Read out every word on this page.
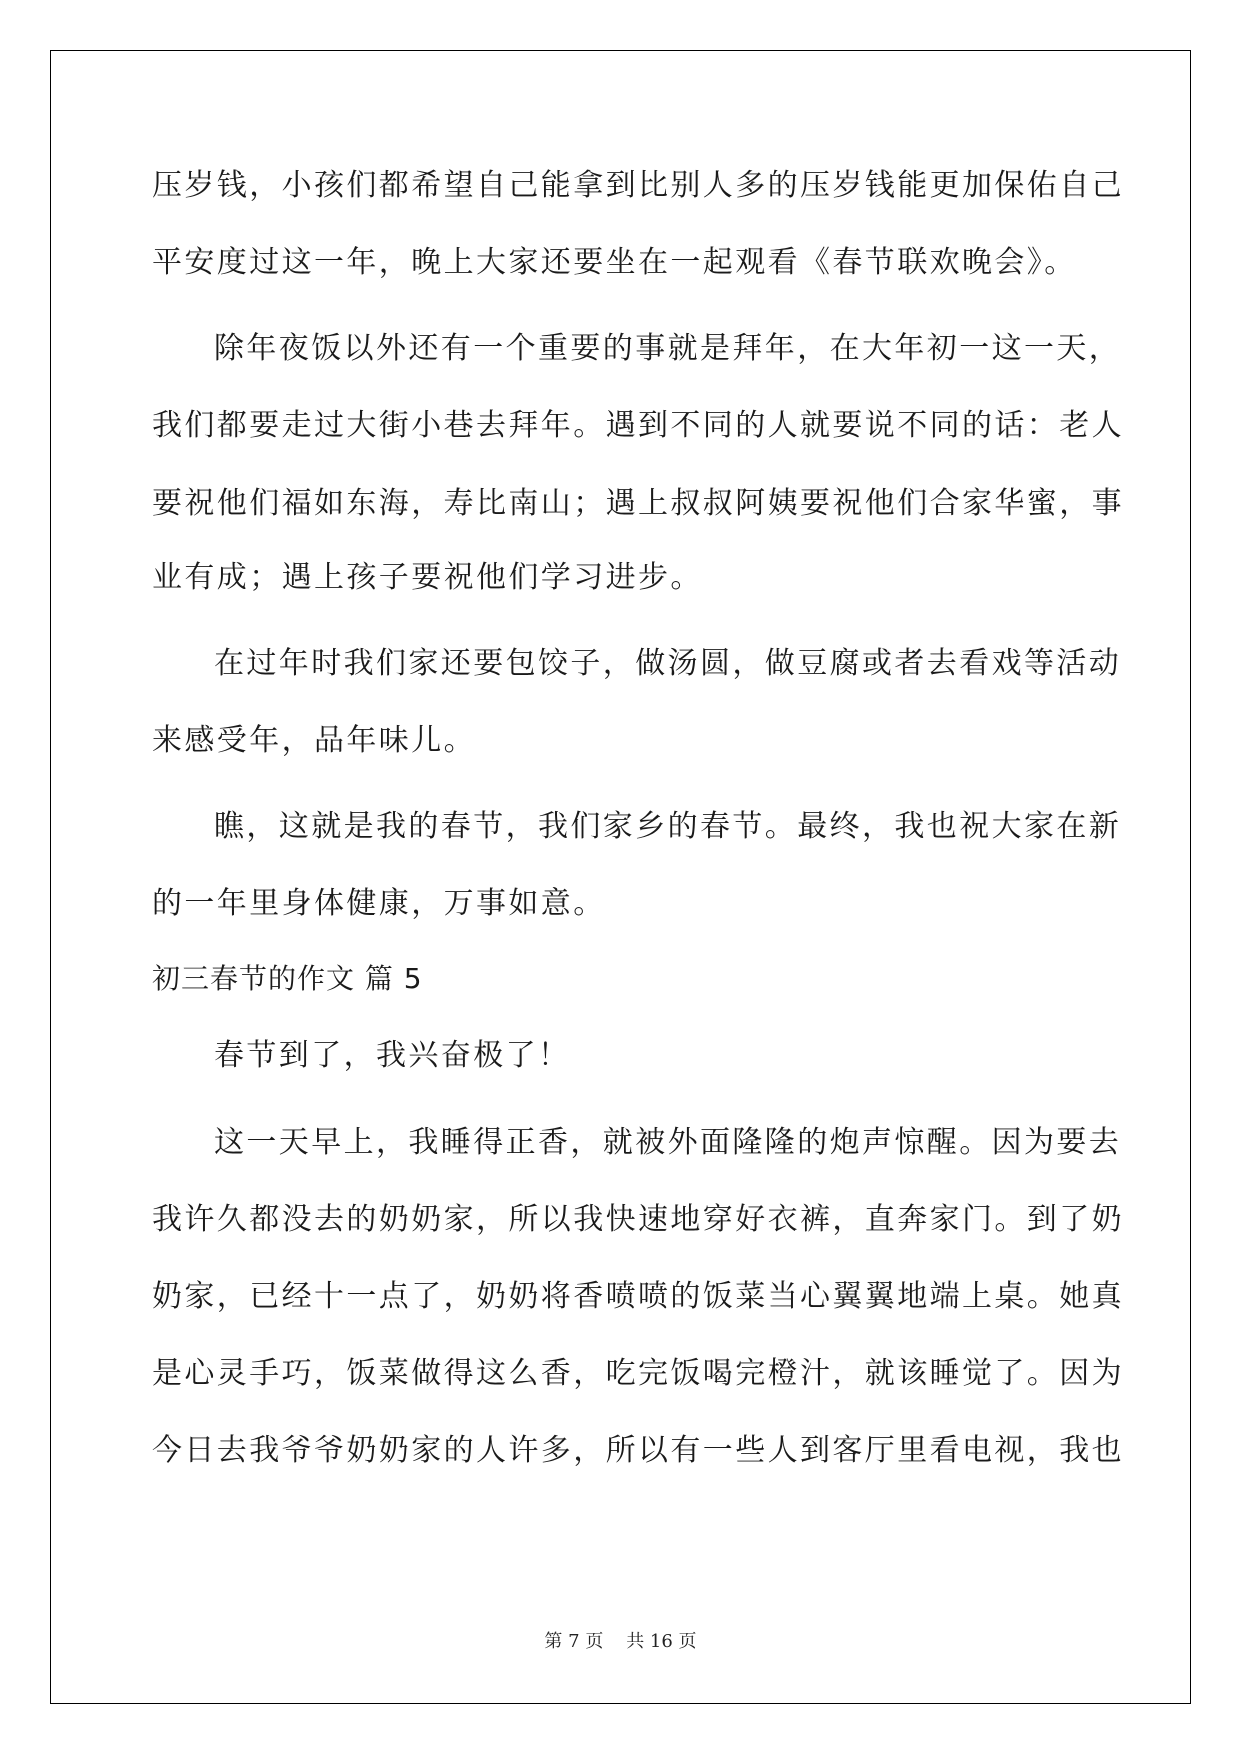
压岁钱，小孩们都希望自己能拿到比别人多的压岁钱能更加保佑自己
平安度过这一年，晚上大家还要坐在一起观看《春节联欢晚会》。
除年夜饭以外还有一个重要的事就是拜年，在大年初一这一天，
我们都要走过大街小巷去拜年。遇到不同的人就要说不同的话：老人
要祝他们福如东海，寿比南山；遇上叔叔阿姨要祝他们合家华蜜，事
业有成；遇上孩子要祝他们学习进步。
在过年时我们家还要包饺子，做汤圆，做豆腐或者去看戏等活动
来感受年，品年味儿。
瞧，这就是我的春节，我们家乡的春节。最终，我也祝大家在新
的一年里身体健康，万事如意。
初三春节的作文 篇 5
春节到了，我兴奋极了！
这一天早上，我睡得正香，就被外面隆隆的炮声惊醒。因为要去
我许久都没去的奶奶家，所以我快速地穿好衣裤，直奔家门。到了奶
奶家，已经十一点了，奶奶将香喷喷的饭菜当心翼翼地端上桌。她真
是心灵手巧，饭菜做得这么香，吃完饭喝完橙汁，就该睡觉了。因为
今日去我爷爷奶奶家的人许多，所以有一些人到客厅里看电视，我也
第 7 页    共 16 页
